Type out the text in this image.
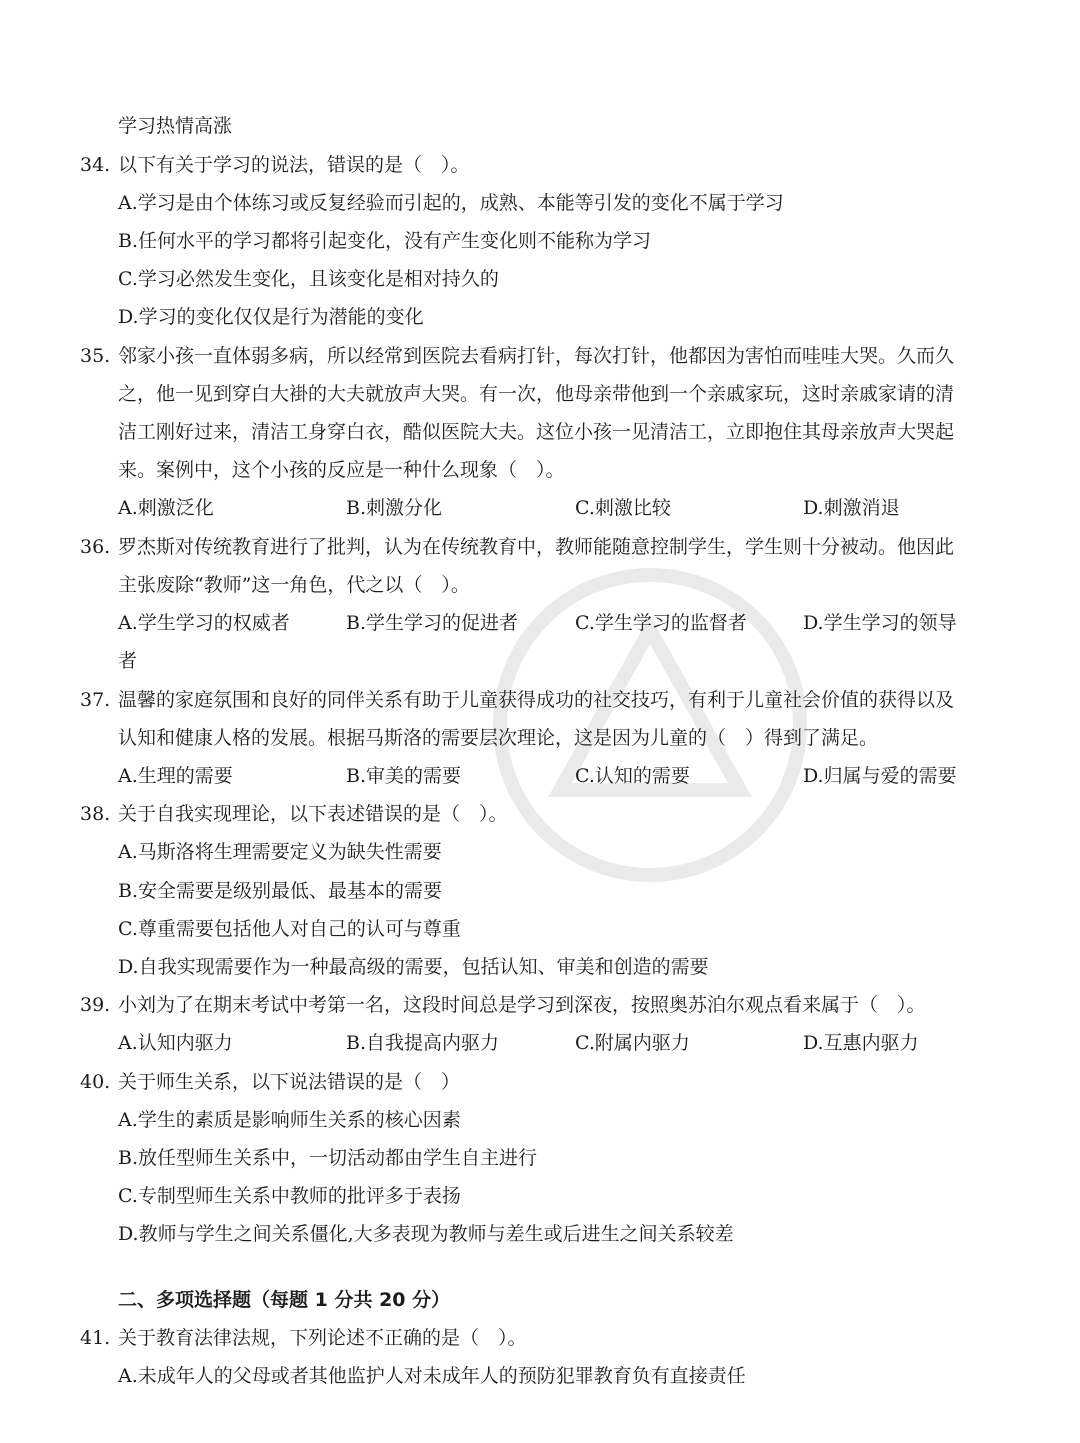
学习热情高涨
34. 以下有关于学习的说法，错误的是（　）。
A.学习是由个体练习或反复经验而引起的，成熟、本能等引发的变化不属于学习
B.任何水平的学习都将引起变化，没有产生变化则不能称为学习
C.学习必然发生变化，且该变化是相对持久的
D.学习的变化仅仅是行为潜能的变化
35. 邻家小孩一直体弱多病，所以经常到医院去看病打针，每次打针，他都因为害怕而哇哇大哭。久而久
之，他一见到穿白大褂的大夫就放声大哭。有一次，他母亲带他到一个亲戚家玩，这时亲戚家请的清
洁工刚好过来，清洁工身穿白衣，酷似医院大夫。这位小孩一见清洁工，立即抱住其母亲放声大哭起
来。案例中，这个小孩的反应是一种什么现象（　）。
A.刺激泛化	B.刺激分化	C.刺激比较	D.刺激消退
36. 罗杰斯对传统教育进行了批判，认为在传统教育中，教师能随意控制学生，学生则十分被动。他因此
主张废除“教师”这一角色，代之以（　）。
A.学生学习的权威者	B.学生学习的促进者	C.学生学习的监督者	D.学生学习的领导
者
37. 温馨的家庭氛围和良好的同伴关系有助于儿童获得成功的社交技巧，有利于儿童社会价值的获得以及
认知和健康人格的发展。根据马斯洛的需要层次理论，这是因为儿童的（　）得到了满足。
A.生理的需要	B.审美的需要	C.认知的需要	D.归属与爱的需要
38. 关于自我实现理论，以下表述错误的是（　）。
A.马斯洛将生理需要定义为缺失性需要
B.安全需要是级别最低、最基本的需要
C.尊重需要包括他人对自己的认可与尊重
D.自我实现需要作为一种最高级的需要，包括认知、审美和创造的需要
39. 小刘为了在期末考试中考第一名，这段时间总是学习到深夜，按照奥苏泊尔观点看来属于（　）。
A.认知内驱力	B.自我提高内驱力	C.附属内驱力	D.互惠内驱力
40. 关于师生关系，以下说法错误的是（　）
A.学生的素质是影响师生关系的核心因素
B.放任型师生关系中，一切活动都由学生自主进行
C.专制型师生关系中教师的批评多于表扬
D.教师与学生之间关系僵化,大多表现为教师与差生或后进生之间关系较差
二、多项选择题（每题 1 分共 20 分）
41. 关于教育法律法规，下列论述不正确的是（　）。
A.未成年人的父母或者其他监护人对未成年人的预防犯罪教育负有直接责任
